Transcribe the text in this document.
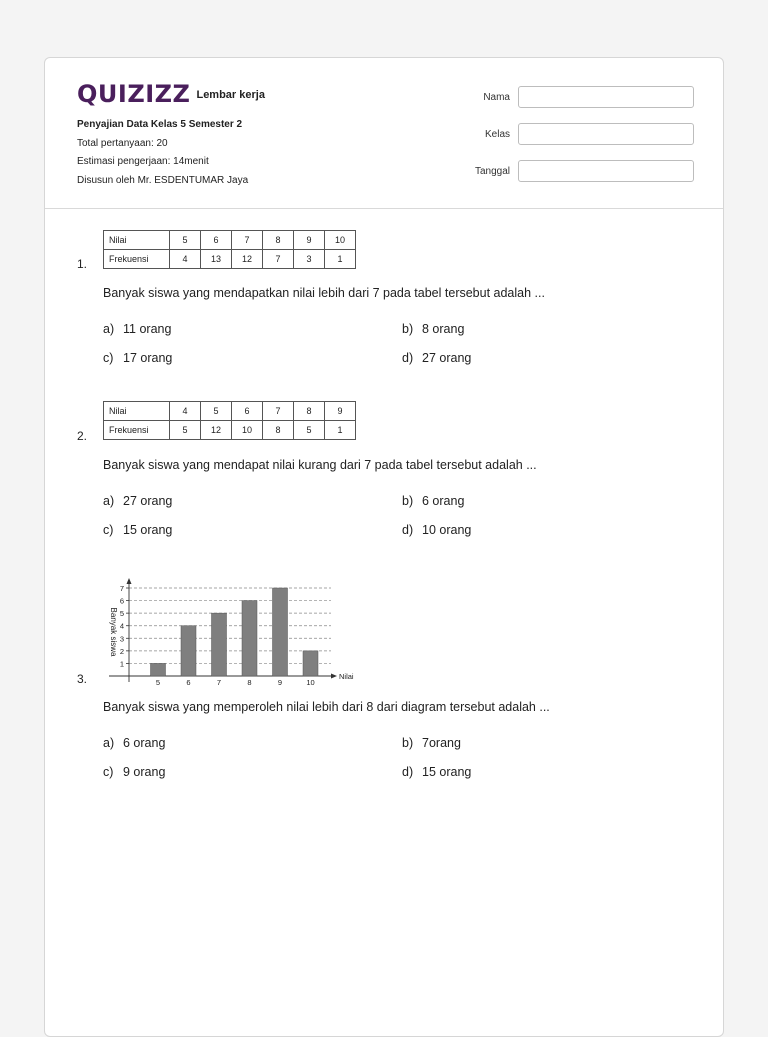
QUIZIZZ Lembar kerja
Penyajian Data Kelas 5 Semester 2
Total pertanyaan: 20
Estimasi pengerjaan: 14menit
Disusun oleh Mr. ESDENTUMAR Jaya
Nama
Kelas
Tanggal
Nilai	5	6	7	8	9	10
Frekuensi	4	13	12	7	3	1
1.
Banyak siswa yang mendapatkan nilai lebih dari 7 pada tabel tersebut adalah ...
a) 11 orang	b) 8 orang
c) 17 orang	d) 27 orang
Nilai	4	5	6	7	8	9
Frekuensi	5	12	10	8	5	1
2.
Banyak siswa yang mendapat nilai kurang dari 7 pada tabel tersebut adalah ...
a) 27 orang	b) 6 orang
c) 15 orang	d) 10 orang
1
2
3
4
5
6
7
5	6	7	8	9	10
Nilai
Banyak siswa
3.
Banyak siswa yang memperoleh nilai lebih dari 8 dari diagram tersebut adalah ...
a) 6 orang	b) 7orang
c) 9 orang	d) 15 orang
